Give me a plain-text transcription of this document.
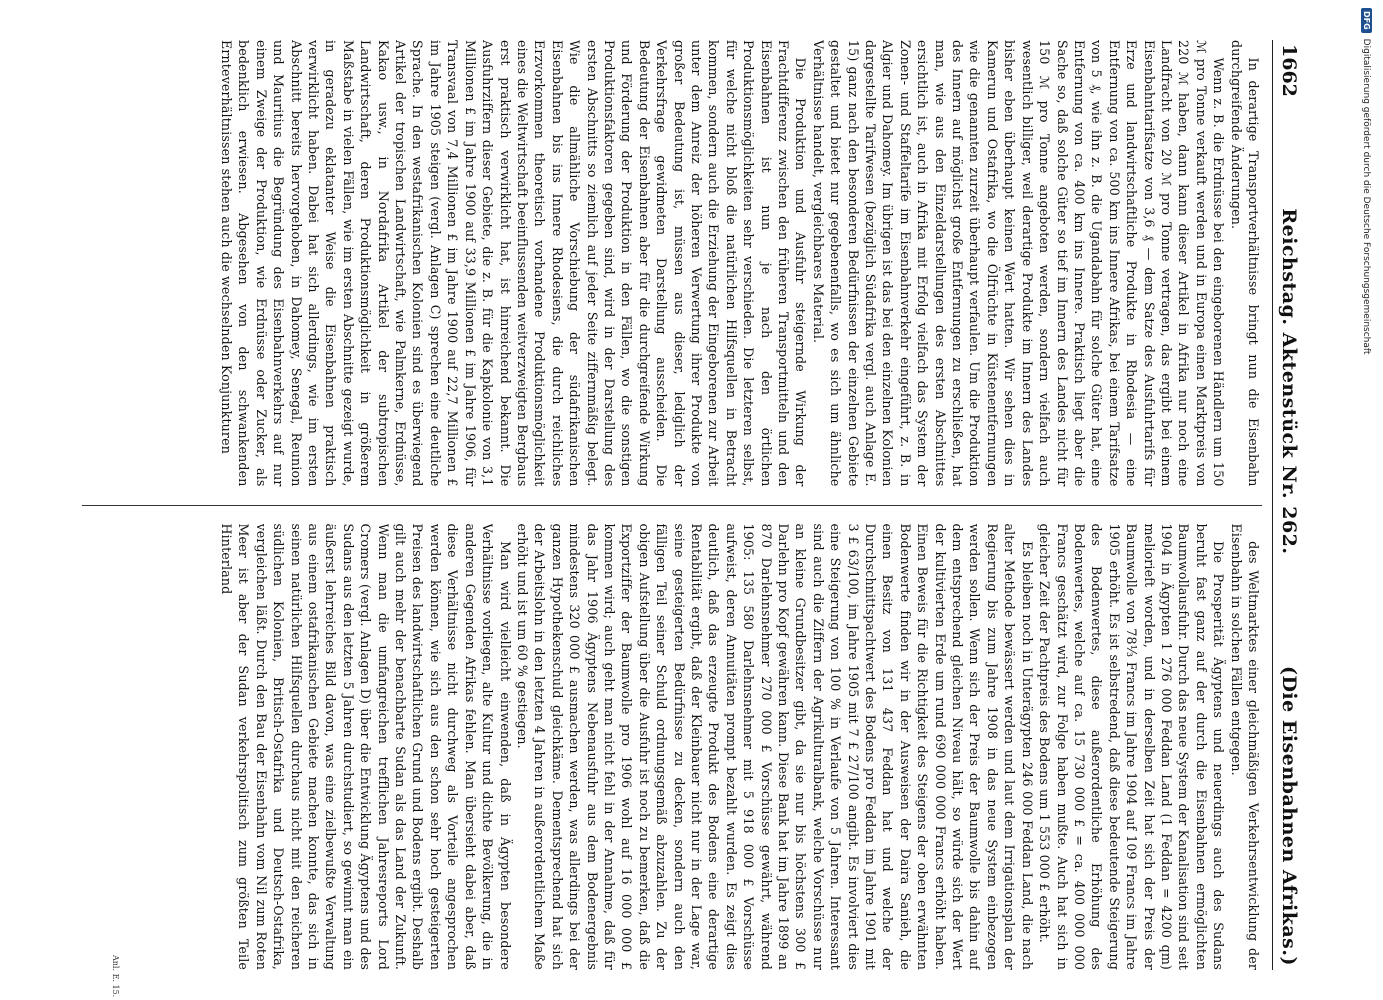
1662
Reichstag. Aktenstück Nr. 262.
(Die Eisenbahnen Afrikas.)

In derartige Transportverhältnisse bringt nun die Eisenbahn durchgreifende Änderungen.

Wenn z. B. die Erdnüsse bei den eingeborenen Händlern um 150 ℳ pro Tonne verkauft werden und in Europa einen Marktpreis von 220 ℳ haben, dann kann dieser Artikel in Afrika nur noch eine Landfracht von 20 ℳ pro Tonne vertragen, das ergibt bei einem Eisenbahntarifsatze von 3,6 ₰ — dem Satze des Ausfuhrtarifs für Erze und landwirtschaftliche Produkte in Rhodesia — eine Entfernung von ca. 500 km ins Innere Afrikas, bei einem Tarifsatze von 5 ₰, wie ihn z. B. die Ugandabahn für solche Güter hat, eine Entfernung von ca. 400 km ins Innere. Praktisch liegt aber die Sache so, daß solche Güter so tief im Innern des Landes nicht für 150 ℳ pro Tonne angeboten werden, sondern vielfach auch wesentlich billiger, weil derartige Produkte im Innern des Landes bisher eben überhaupt keinen Wert hatten. Wir sehen dies in Kamerun und Ostafrika, wo die Ölfrüchte in Küstenentfernungen wie die genannten zurzeit überhaupt verfaulen. Um die Produktion des Innern auf möglichst große Entfernungen zu erschließen, hat man, wie aus den Einzeldarstellungen des ersten Abschnittes ersichtlich ist, auch in Afrika mit Erfolg vielfach das System der Zonen- und Staffeltarife im Eisenbahnverkehr eingeführt, z. B. in Algier und Dahomey. Im übrigen ist das bei den einzelnen Kolonien dargestellte Tarifwesen (bezüglich Südafrika vergl. auch Anlage E. 15) ganz nach den besonderen Bedürfnissen der einzelnen Gebiete gestaltet und bietet nur gegebenenfalls, wo es sich um ähnliche Verhältnisse handelt, vergleichbares Material.

Die Produktion und Ausfuhr steigernde Wirkung der Frachtdifferenz zwischen den früheren Transportmitteln und den Eisenbahnen ist nun je nach den örtlichen Produktionsmöglichkeiten sehr verschieden. Die letzteren selbst, für welche nicht bloß die natürlichen Hilfsquellen in Betracht kommen, sondern auch die Erziehung der Eingeborenen zur Arbeit unter dem Anreiz der höheren Verwertung ihrer Produkte von großer Bedeutung ist, müssen aus dieser, lediglich der Verkehrsfrage gewidmeten Darstellung ausscheiden. Die Bedeutung der Eisenbahnen aber für die durchgreifende Wirkung und Förderung der Produktion in den Fällen, wo die sonstigen Produktionsfaktoren gegeben sind, wird in der Darstellung des ersten Abschnitts so ziemlich auf jeder Seite ziffernmäßig belegt. Wie die allmähliche Vorschiebung der südafrikanischen Eisenbahnen bis ins Innere Rhodesiens, die durch reichliches Erzvorkommen theoretisch vorhandene Produktionsmöglichkeit eines die Weltwirtschaft beeinflussenden weitverzweigten Bergbaus erst praktisch verwirklicht hat, ist hinreichend bekannt. Die Ausfuhrziffern dieser Gebiete, die z. B. für die Kapkolonie von 3,1 Millionen £ im Jahre 1900 auf 33,9 Millionen £ im Jahre 1906, für Transvaal von 7,4 Millionen £ im Jahre 1900 auf 22,7 Millionen £ im Jahre 1905 steigen (vergl. Anlagen C) sprechen eine deutliche Sprache. In den westafrikanischen Kolonien sind es überwiegend Artikel der tropischen Landwirtschaft, wie Palmkerne, Erdnüsse, Kakao usw., in Nordafrika Artikel der subtropischen Landwirtschaft, deren Produktionsmöglichkeit in größerem Maßstabe in vielen Fällen, wie im ersten Abschnitte gezeigt wurde, in geradezu eklatanter Weise die Eisenbahnen praktisch verwirklicht haben. Dabei hat sich allerdings, wie im ersten Abschnitt bereits hervorgehoben, in Dahomey, Senegal, Reunion und Mauritius die Begründung des Eisenbahnverkehrs auf nur einem Zweige der Produktion, wie Erdnüsse oder Zucker, als bedenklich erwiesen. Abgesehen von den schwankenden Ernteverhältnissen stehen auch die wechselnden Konjunkturen

des Weltmarktes einer gleichmäßigen Verkehrsentwicklung der Eisenbahn in solchen Fällen entgegen.

Die Prosperität Ägyptens und neuerdings auch des Sudans beruht fast ganz auf der durch die Eisenbahnen ermöglichten Baumwollausfuhr. Durch das neue System der Kanalisation sind seit 1904 in Ägypten 1 276 000 Feddan Land (1 Feddan = 4200 qm) meliorieft worden, und in derselben Zeit hat sich der Preis der Baumwolle von 78⅓ Francs im Jahre 1904 auf 109 Francs im Jahre 1905 erhöht. Es ist selbstredend, daß diese bedeutende Steigerung des Bodenwertes, diese außerordentliche Erhöhung des Bodenwertes, welche auf ca. 15 730 000 £ = ca. 400 000 000 Francs geschätzt wird, zur Folge haben mußte. Auch hat sich in gleicher Zeit der Pachtpreis des Bodens um 1 553 000 £ erhöht.

Es bleiben noch in Unterägypten 246 000 Feddan Land, die nach alter Methode bewässert werden und laut dem Irrigationsplan der Regierung bis zum Jahre 1908 in das neue System einbezogen werden sollen. Wenn sich der Preis der Baumwolle bis dahin auf dem entsprechend gleichen Niveau hält, so würde sich der Wert der kultivierten Erde um rund 690 000 000 Francs erhöht haben. Einen Beweis für die Richtigkeit des Steigens der oben erwähnten Bodenwerte finden wir in der Ausweisen der Daira Sanieh, die einen Besitz von 131 437 Feddan hat und welche der Durchschnittspachtwert des Bodens pro Feddan im Jahre 1901 mit 3 £ 63/100, im Jahre 1905 mit 7 £ 27/100 angibt. Es involviert dies eine Steigerung von 100 % in Verlaufe von 5 Jahren. Interessant sind auch die Ziffern der Agrikulturalbank, welche Vorschüsse nur an kleine Grundbesitzer gibt, da sie nur bis höchstens 300 £ Darlehn pro Kopf gewähren kann. Diese Bank hat im Jahre 1899 an 870 Darlehnsnehmer 270 000 £ Vorschüsse gewährt, während 1905: 135 580 Darlehnsnehmer mit 5 918 000 £ Vorschüsse aufweist, deren Annuitäten prompt bezahlt wurden. Es zeigt dies deutlich, daß das erzeugte Produkt des Bodens eine derartige Rentabilität ergibt, daß der Kleinbauer nicht nur in der Lage war, seine gesteigerten Bedürfnisse zu decken, sondern auch den fälligen Teil seiner Schuld ordnungsgemäß abzuzahlen. Zu der obigen Aufstellung über die Ausfuhr ist noch zu bemerken, daß die Exportziffer der Baumwolle pro 1906 wohl auf 16 000 000 £ kommen wird; auch geht man nicht fehl in der Annahme, daß für das Jahr 1906 Ägyptens Nebenausfuhr aus dem Bodenergebnis mindestens 320 000 £ ausmachen werden, was allerdings bei der ganzen Hypothekenschuld gleichkäme. Dementsprechend hat sich der Arbeitslohn in den letzten 4 Jahren in außerordentlichem Maße erhöht und ist um 60 % gestiegen.

Man wird vielleicht einwenden, daß in Ägypten besondere Verhältnisse vorliegen, alte Kultur und dichte Bevölkerung, die in anderen Gegenden Afrikas fehlen. Man übersieht dabei aber, daß diese Verhältnisse nicht durchweg als Vorteile angesprochen werden können, wie sich aus den schon sehr hoch gesteigerten Preisen des landwirtschaftlichen Grund und Bodens ergibt. Deshalb gilt auch mehr der benachbarte Sudan als das Land der Zukunft. Wenn man die umfangreichen trefflichen Jahresreports Lord Cromers (vergl. Anlagen D) über die Entwicklung Ägyptens und des Sudans aus den letzten 5 Jahren durchstudiert, so gewinnt man ein äußerst lehrreiches Bild davon, was eine zielbewußte Verwaltung aus einem ostafrikanischen Gebiete machen konnte, das sich in seinen natürlichen Hilfsquellen durchaus nicht mit den reicheren südlichen Kolonien, Britisch-Ostafrika und Deutsch-Ostafrika, vergleichen läßt. Durch den Bau der Eisenbahn vom Nil zum Roten Meer ist aber der Sudan verkehrspolitisch zum größten Teile Hinterland

Anl. E. 15.
DFG
Digitalisierung gefördert durch die Deutsche Forschungsgemeinschaft
